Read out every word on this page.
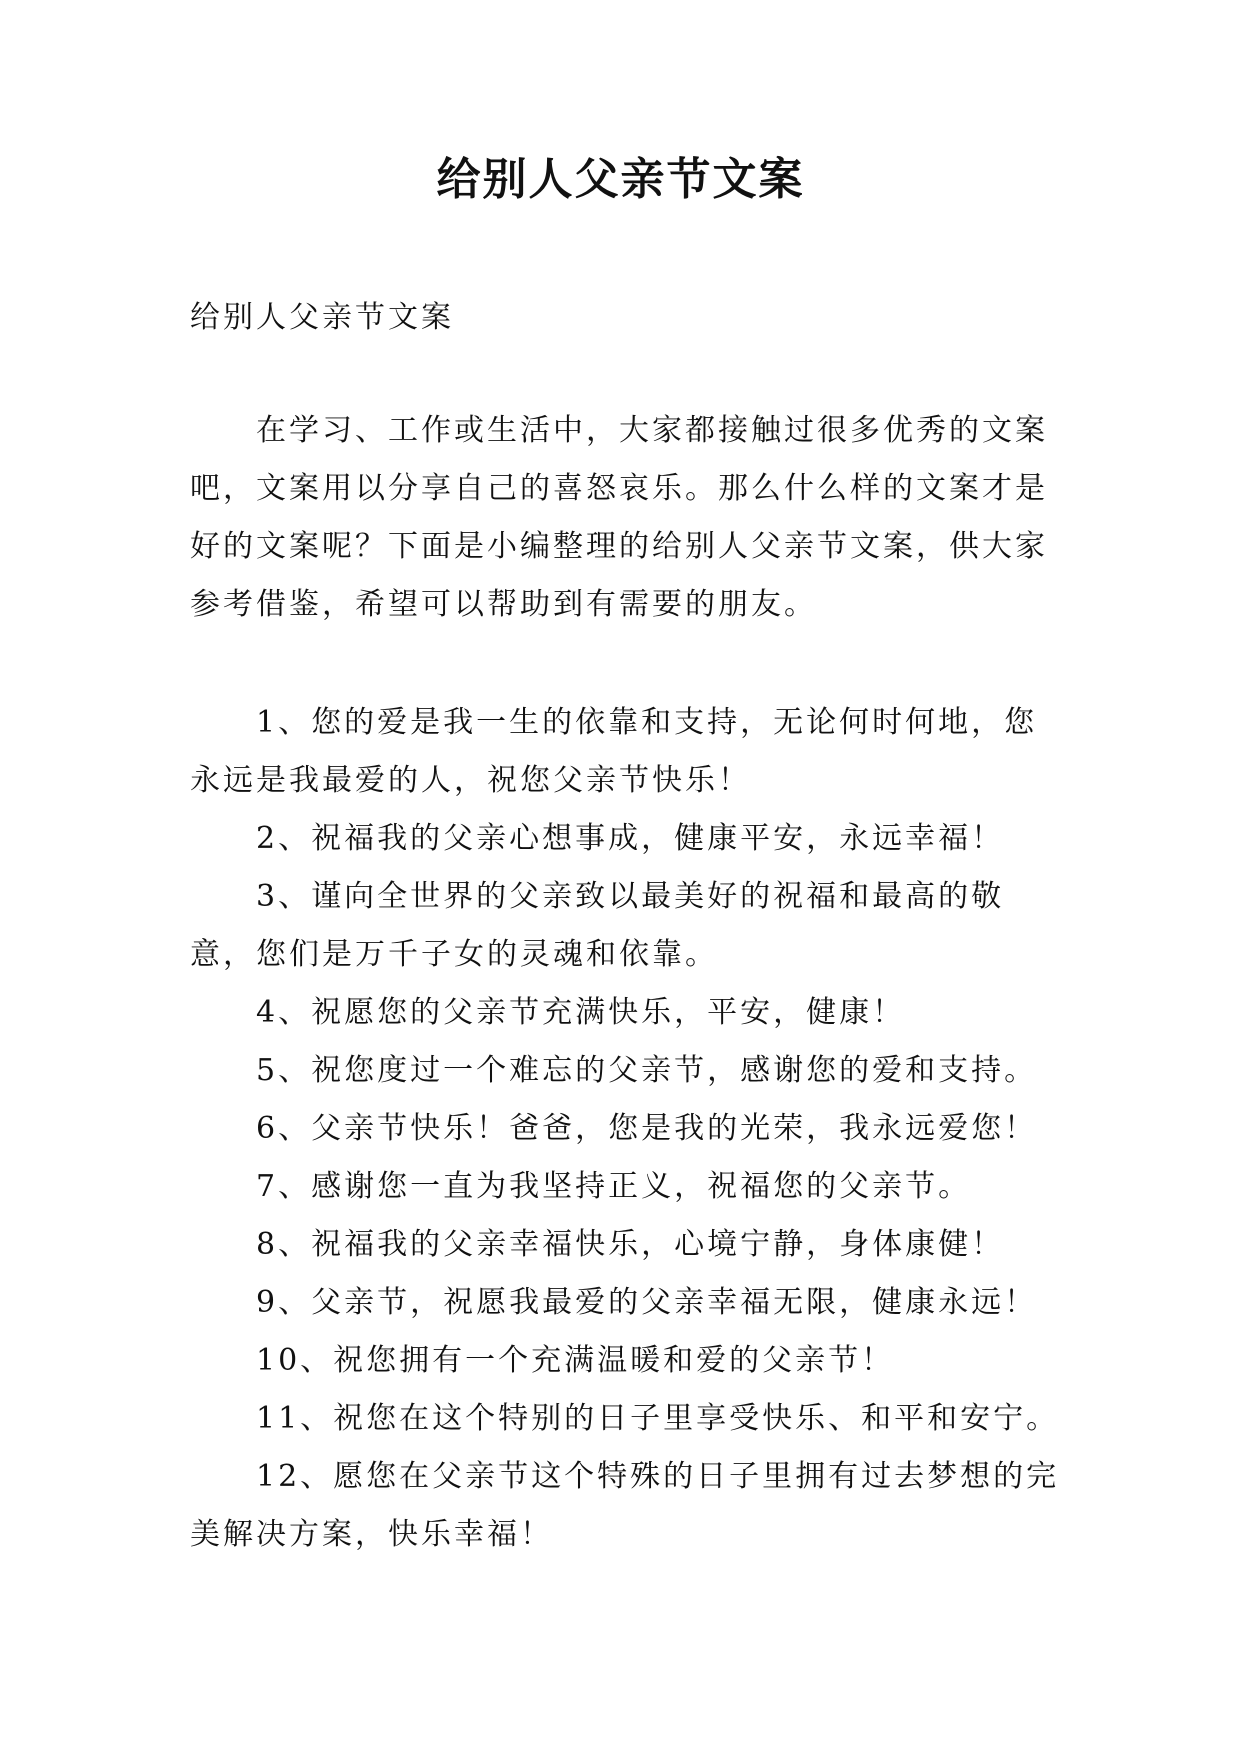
给别人父亲节文案

给别人父亲节文案

在学习、工作或生活中，大家都接触过很多优秀的文案吧，文案用以分享自己的喜怒哀乐。那么什么样的文案才是好的文案呢？下面是小编整理的给别人父亲节文案，供大家参考借鉴，希望可以帮助到有需要的朋友。

1、您的爱是我一生的依靠和支持，无论何时何地，您永远是我最爱的人，祝您父亲节快乐！

2、祝福我的父亲心想事成，健康平安，永远幸福！

3、谨向全世界的父亲致以最美好的祝福和最高的敬意，您们是万千子女的灵魂和依靠。

4、祝愿您的父亲节充满快乐，平安，健康！

5、祝您度过一个难忘的父亲节，感谢您的爱和支持。

6、父亲节快乐！爸爸，您是我的光荣，我永远爱您！

7、感谢您一直为我坚持正义，祝福您的父亲节。

8、祝福我的父亲幸福快乐，心境宁静，身体康健！

9、父亲节，祝愿我最爱的父亲幸福无限，健康永远！

10、祝您拥有一个充满温暖和爱的父亲节！

11、祝您在这个特别的日子里享受快乐、和平和安宁。

12、愿您在父亲节这个特殊的日子里拥有过去梦想的完美解决方案，快乐幸福！
